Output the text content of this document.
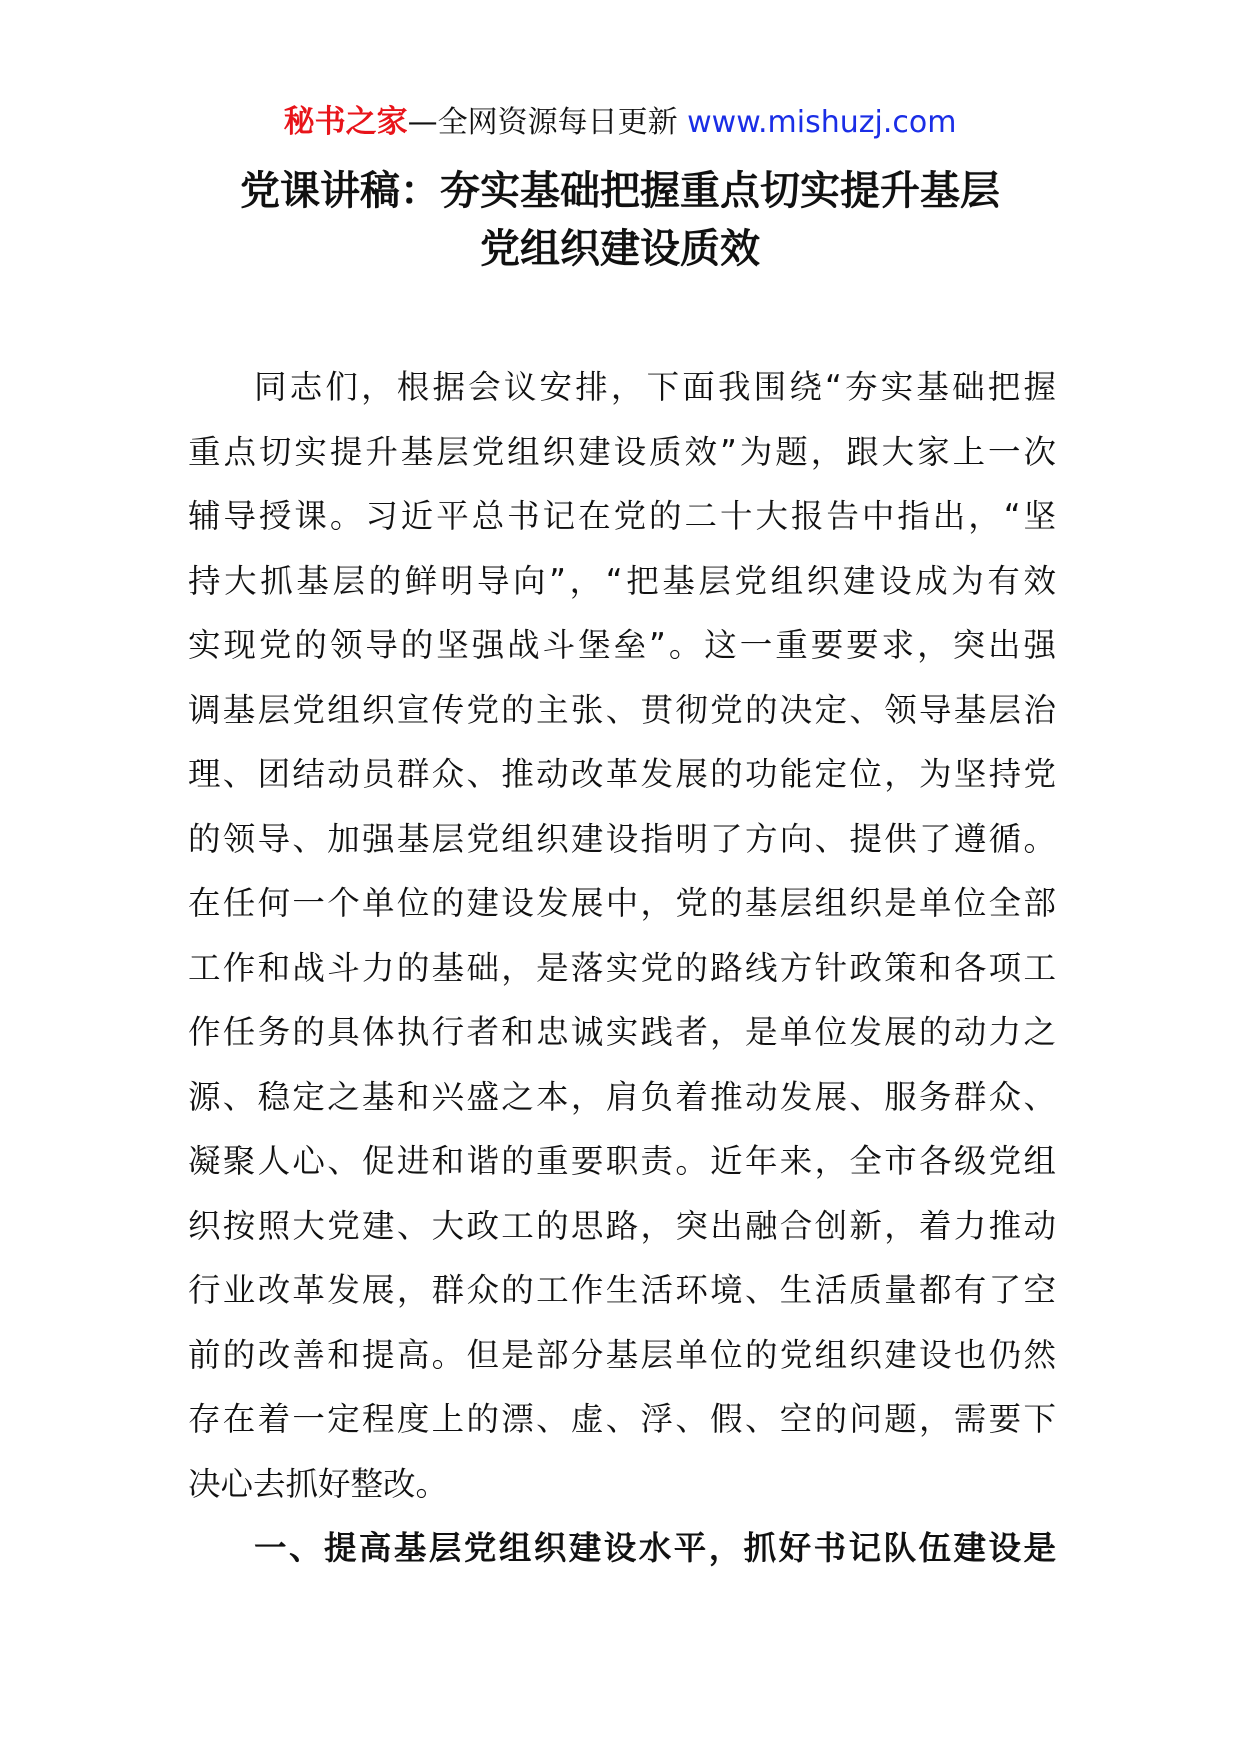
秘书之家—全网资源每日更新 www.mishuzj.com
党课讲稿：夯实基础把握重点切实提升基层
党组织建设质效
同志们，根据会议安排，下面我围绕“夯实基础把握
重点切实提升基层党组织建设质效”为题，跟大家上一次
辅导授课。习近平总书记在党的二十大报告中指出，“坚
持大抓基层的鲜明导向”，“把基层党组织建设成为有效
实现党的领导的坚强战斗堡垒”。这一重要要求，突出强
调基层党组织宣传党的主张、贯彻党的决定、领导基层治
理、团结动员群众、推动改革发展的功能定位，为坚持党
的领导、加强基层党组织建设指明了方向、提供了遵循。
在任何一个单位的建设发展中，党的基层组织是单位全部
工作和战斗力的基础，是落实党的路线方针政策和各项工
作任务的具体执行者和忠诚实践者，是单位发展的动力之
源、稳定之基和兴盛之本，肩负着推动发展、服务群众、
凝聚人心、促进和谐的重要职责。近年来，全市各级党组
织按照大党建、大政工的思路，突出融合创新，着力推动
行业改革发展，群众的工作生活环境、生活质量都有了空
前的改善和提高。但是部分基层单位的党组织建设也仍然
存在着一定程度上的漂、虚、浮、假、空的问题，需要下
决心去抓好整改。
一、提高基层党组织建设水平，抓好书记队伍建设是
